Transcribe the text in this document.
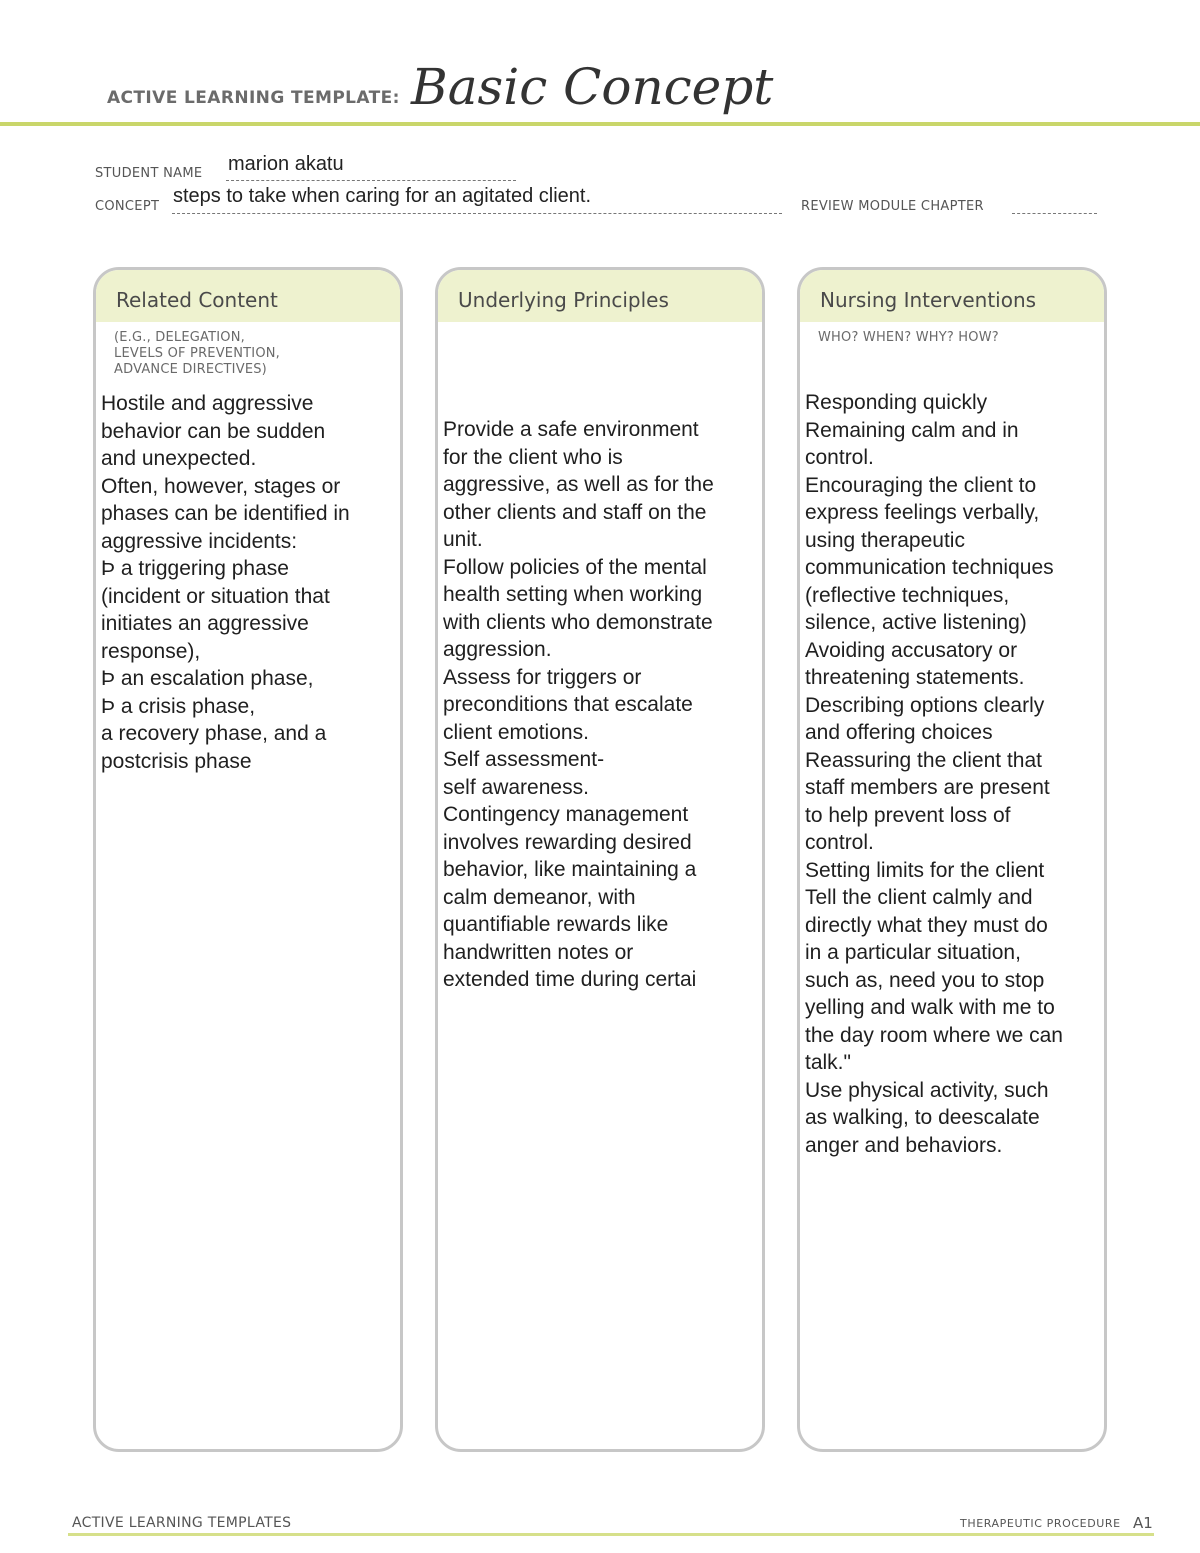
ACTIVE LEARNING TEMPLATE: Basic Concept
STUDENT NAME marion akatu
CONCEPT steps to take when caring for an agitated client.	REVIEW MODULE CHAPTER
Related Content
(E.G., DELEGATION,
LEVELS OF PREVENTION,
ADVANCE DIRECTIVES)
Hostile and aggressive
behavior can be sudden
and unexpected.
Often, however, stages or
phases can be identified in
aggressive incidents:
Þ a triggering phase
(incident or situation that
initiates an aggressive
response),
Þ an escalation phase,
Þ a crisis phase,
a recovery phase, and a
postcrisis phase
Underlying Principles
Provide a safe environment
for the client who is
aggressive, as well as for the
other clients and staff on the
unit.
Follow policies of the mental
health setting when working
with clients who demonstrate
aggression.
Assess for triggers or
preconditions that escalate
client emotions.
Self assessment-
self awareness.
Contingency management
involves rewarding desired
behavior, like maintaining a
calm demeanor, with
quantifiable rewards like
handwritten notes or
extended time during certai
Nursing Interventions
WHO? WHEN? WHY? HOW?
Responding quickly
Remaining calm and in
control.
Encouraging the client to
express feelings verbally,
using therapeutic
communication techniques
(reflective techniques,
silence, active listening)
Avoiding accusatory or
threatening statements.
Describing options clearly
and offering choices
Reassuring the client that
staff members are present
to help prevent loss of
control.
Setting limits for the client
Tell the client calmly and
directly what they must do
in a particular situation,
such as, need you to stop
yelling and walk with me to
the day room where we can
talk."
Use physical activity, such
as walking, to deescalate
anger and behaviors.
ACTIVE LEARNING TEMPLATES	THERAPEUTIC PROCEDURE A1
